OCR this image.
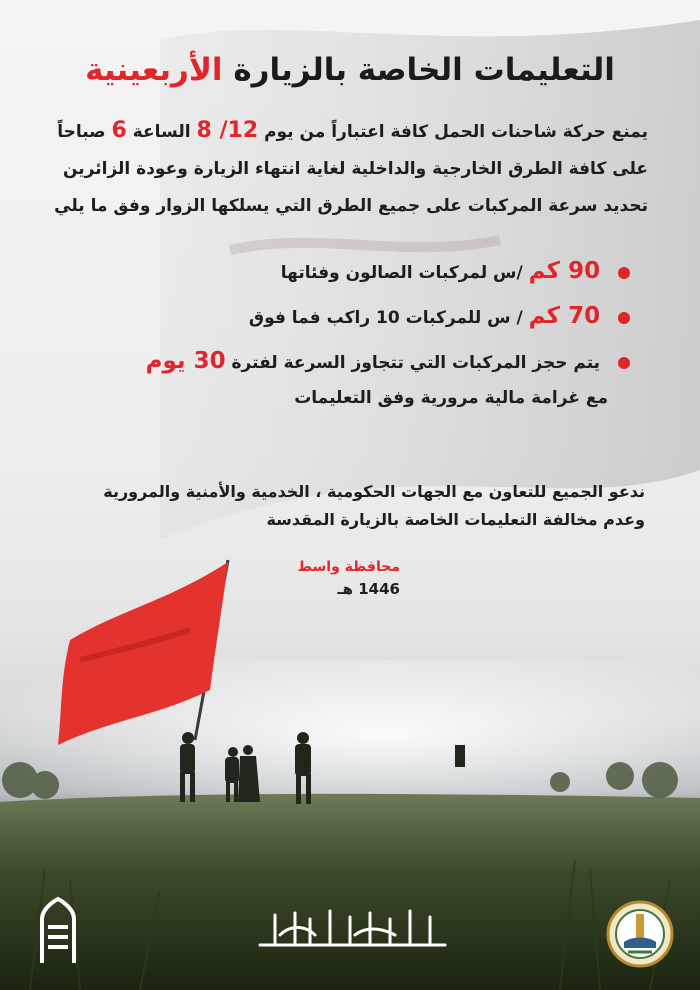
التعليمات الخاصة بالزيارة الأربعينية
يمنع حركة شاحنات الحمل كافة اعتباراً من يوم 12/ 8 الساعة 6 صباحاً
على كافة الطرق الخارجية والداخلية لغاية انتهاء الزيارة وعودة الزائرين
تحديد سرعة المركبات على جميع الطرق التي يسلكها الزوار وفق ما يلي
90 كم /س لمركبات الصالون وفئاتها
70 كم / س للمركبات 10 راكب فما فوق
يتم حجز المركبات التي تتجاوز السرعة لفترة 30 يوم
مع غرامة مالية مرورية وفق التعليمات
ندعو الجميع للتعاون مع الجهات الحكومية ، الخدمية والأمنية والمرورية
وعدم مخالفة التعليمات الخاصة بالزيارة المقدسة
محافظة واسط
1446 هـ
